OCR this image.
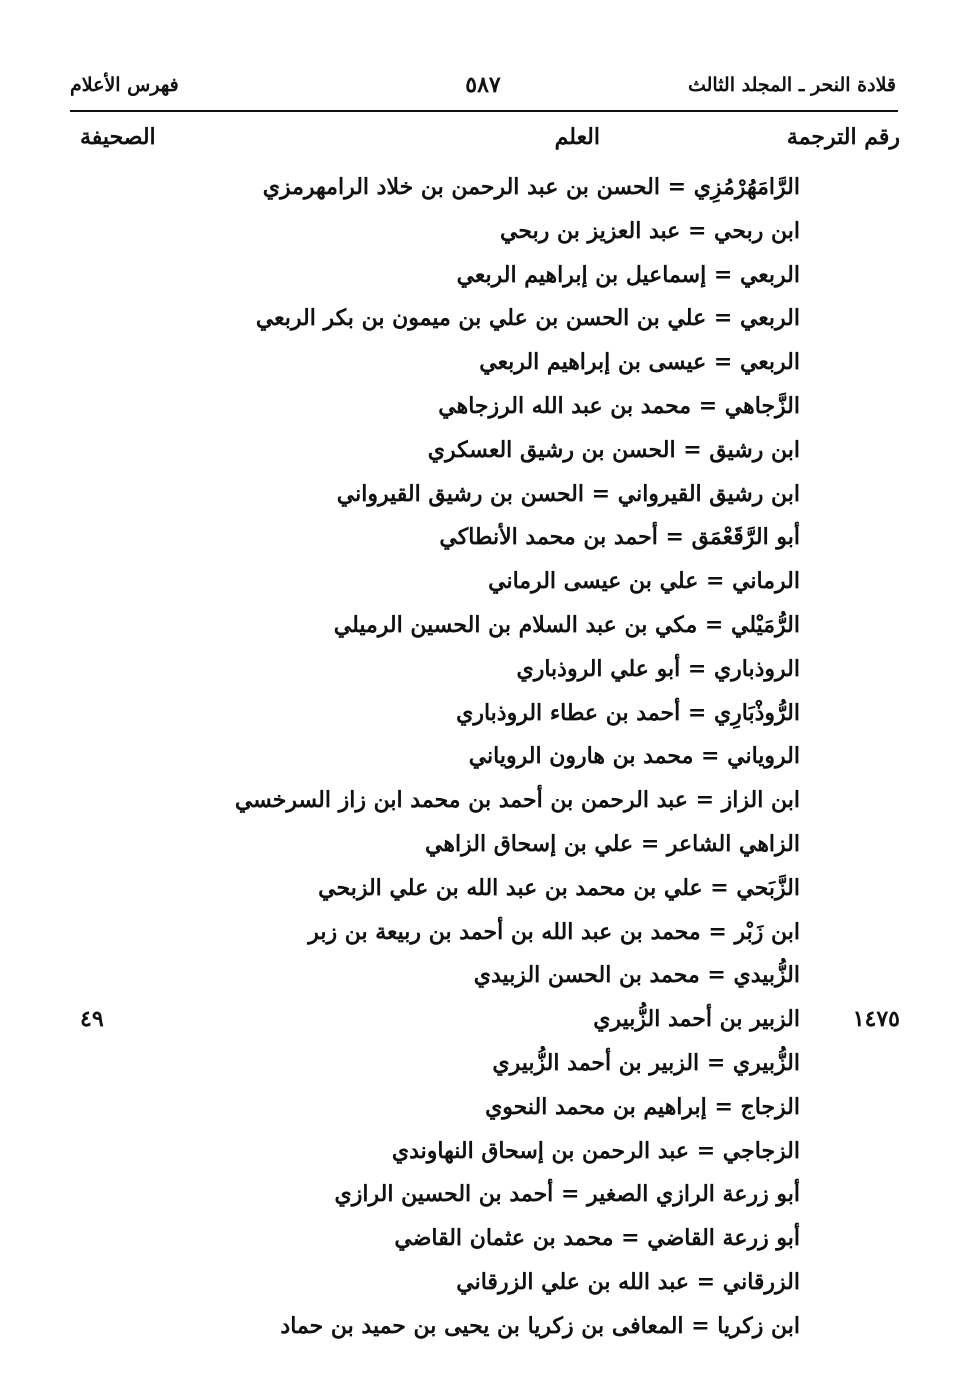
قلادة النحر ـ المجلد الثالث
٥٨٧
فهرس الأعلام
رقم الترجمة
العلم
الصحيفة
الرَّامَهُرْمُزِي = الحسن بن عبد الرحمن بن خلاد الرامهرمزي
ابن ربحي = عبد العزيز بن ربحي
الربعي = إسماعيل بن إبراهيم الربعي
الربعي = علي بن الحسن بن علي بن ميمون بن بكر الربعي
الربعي = عيسى بن إبراهيم الربعي
الزَّجاهي = محمد بن عبد الله الرزجاهي
ابن رشيق = الحسن بن رشيق العسكري
ابن رشيق القيرواني = الحسن بن رشيق القيرواني
أبو الرَّقَعْمَق = أحمد بن محمد الأنطاكي
الرماني = علي بن عيسى الرماني
الرُّمَيْلي = مكي بن عبد السلام بن الحسين الرميلي
الروذباري = أبو علي الروذباري
الرُّوذْبَارِي = أحمد بن عطاء الروذباري
الروياني = محمد بن هارون الروياني
ابن الزاز = عبد الرحمن بن أحمد بن محمد ابن زاز السرخسي
الزاهي الشاعر = علي بن إسحاق الزاهي
الزَّبَحي = علي بن محمد بن عبد الله بن علي الزبحي
ابن زَبْر = محمد بن عبد الله بن أحمد بن ربيعة بن زبر
الزُّبيدي = محمد بن الحسن الزبيدي
١٤٧٥
الزبير بن أحمد الزُّبيري
٤٩
الزُّبيري = الزبير بن أحمد الزُّبيري
الزجاج = إبراهيم بن محمد النحوي
الزجاجي = عبد الرحمن بن إسحاق النهاوندي
أبو زرعة الرازي الصغير = أحمد بن الحسين الرازي
أبو زرعة القاضي = محمد بن عثمان القاضي
الزرقاني = عبد الله بن علي الزرقاني
ابن زكريا = المعافى بن زكريا بن يحيى بن حميد بن حماد
